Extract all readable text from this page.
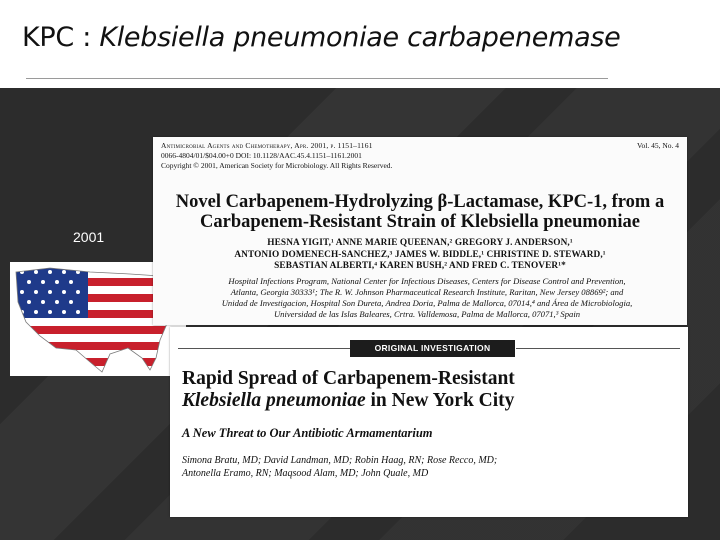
KPC : Klebsiella pneumoniae carbapenemase
2001
Antimicrobial Agents and Chemotherapy, Apr. 2001, p. 1151–1161	Vol. 45, No. 4
0066-4804/01/$04.00+0 DOI: 10.1128/AAC.45.4.1151–1161.2001
Copyright © 2001, American Society for Microbiology. All Rights Reserved.
Novel Carbapenem-Hydrolyzing β-Lactamase, KPC-1, from a
Carbapenem-Resistant Strain of Klebsiella pneumoniae
HESNA YIGIT,¹ ANNE MARIE QUEENAN,² GREGORY J. ANDERSON,¹
ANTONIO DOMENECH-SANCHEZ,³ JAMES W. BIDDLE,¹ CHRISTINE D. STEWARD,¹
SEBASTIAN ALBERTI,⁴ KAREN BUSH,² AND FRED C. TENOVER¹*
Hospital Infections Program, National Center for Infectious Diseases, Centers for Disease Control and Prevention,
Atlanta, Georgia 30333¹; The R. W. Johnson Pharmaceutical Research Institute, Raritan, New Jersey 08869²; and
Unidad de Investigacion, Hospital Son Dureta, Andrea Doria, Palma de Mallorca, 07014,⁴ and Área de Microbiologia,
Universidad de las Islas Baleares, Crtra. Valldemosa, Palma de Mallorca, 07071,³ Spain
ORIGINAL INVESTIGATION
Rapid Spread of Carbapenem-Resistant
Klebsiella pneumoniae in New York City
A New Threat to Our Antibiotic Armamentarium
Simona Bratu, MD; David Landman, MD; Robin Haag, RN; Rose Recco, MD;
Antonella Eramo, RN; Maqsood Alam, MD; John Quale, MD
